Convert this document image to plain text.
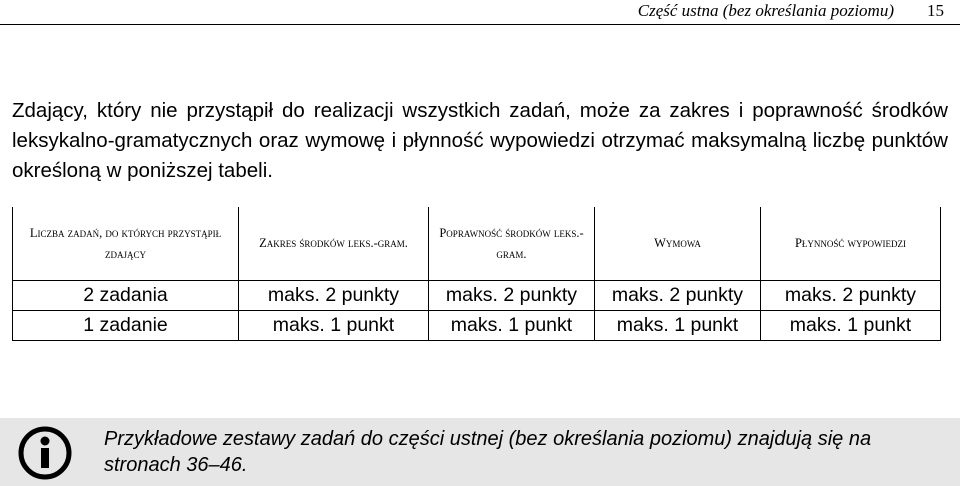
Część ustna (bez określania poziomu) 15

Zdający, który nie przystąpił do realizacji wszystkich zadań, może za zakres i poprawność środków leksykalno-gramatycznych oraz wymowę i płynność wypowiedzi otrzymać maksymalną liczbę punktów określoną w poniższej tabeli.

Liczba zadań, do których przystąpił zdający	Zakres środków leks.-gram.	Poprawność środków leks.-gram.	Wymowa	Płynność wypowiedzi
2 zadania	maks. 2 punkty	maks. 2 punkty	maks. 2 punkty	maks. 2 punkty
1 zadanie	maks. 1 punkt	maks. 1 punkt	maks. 1 punkt	maks. 1 punkt
Przykładowe zestawy zadań do części ustnej (bez określania poziomu) znajdują się na stronach 36–46.
